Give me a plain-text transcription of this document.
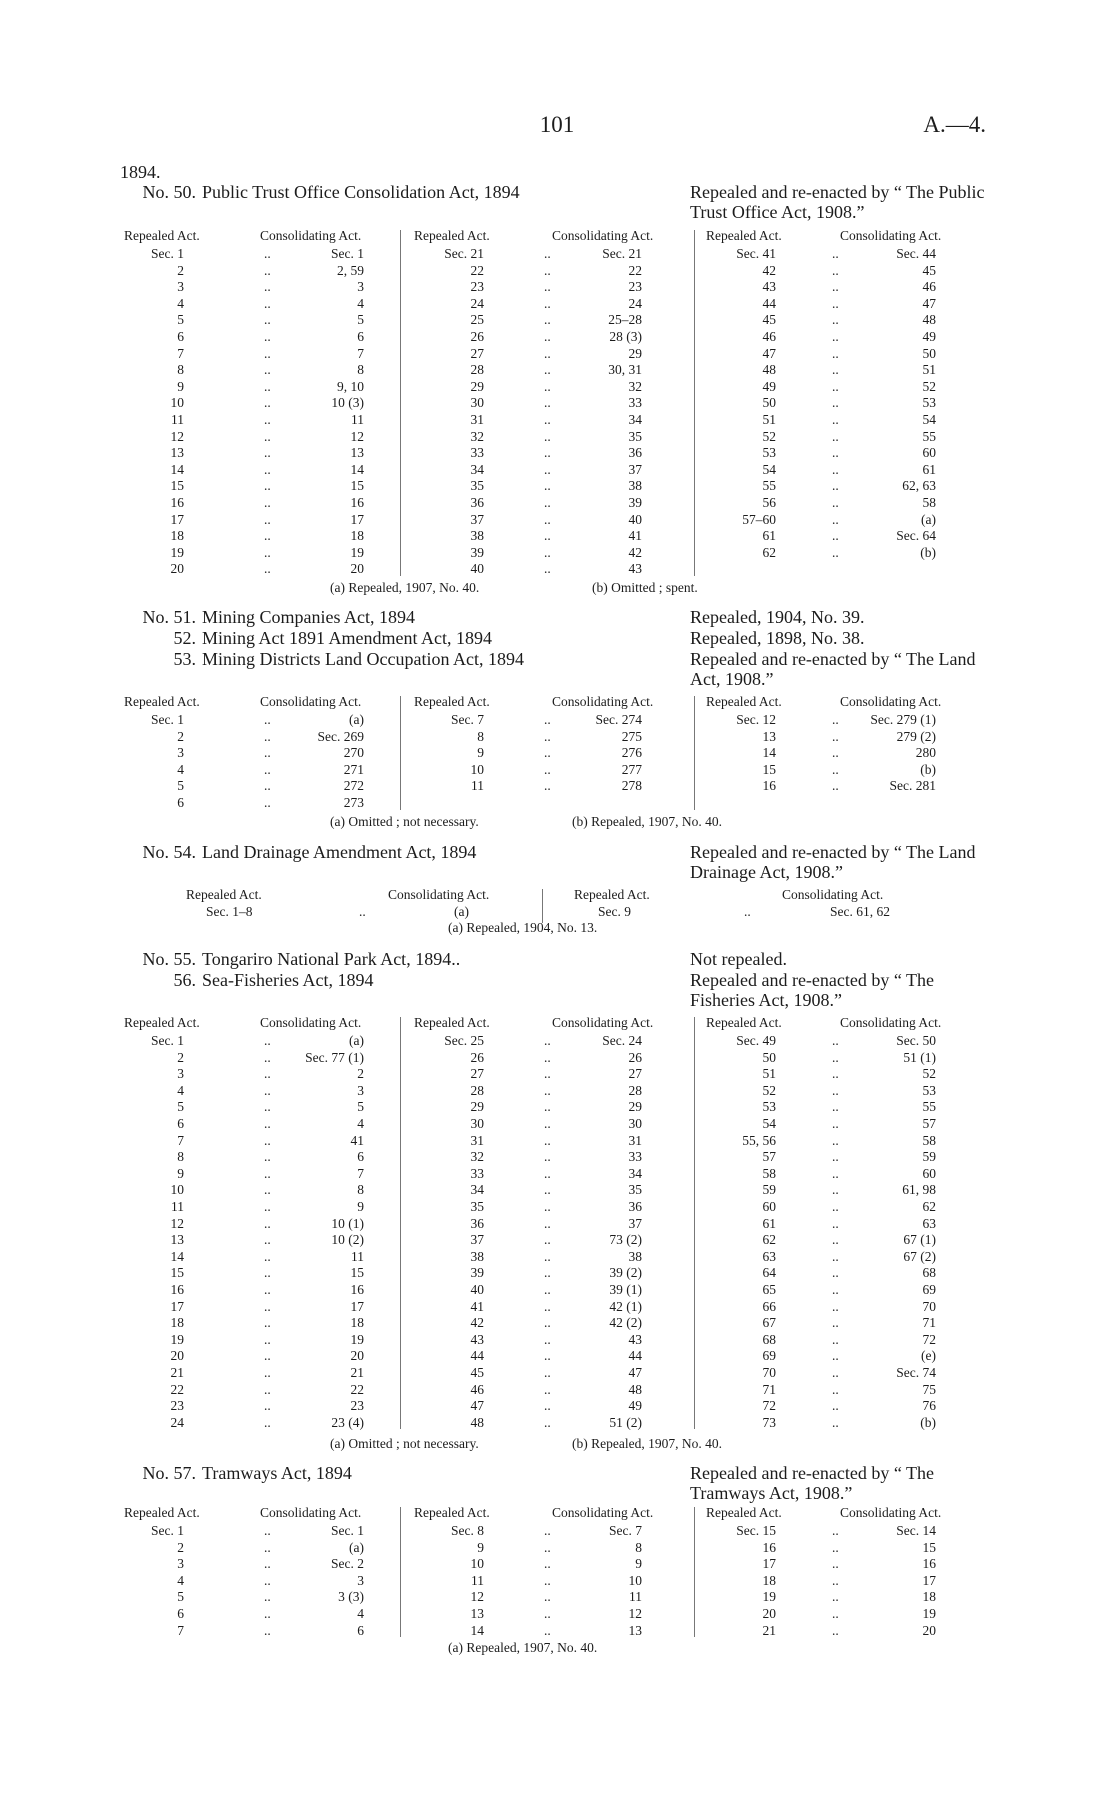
101	A.—4.
1894.
No. 50. Public Trust Office Consolidation Act, 1894	Repealed and re-enacted by “ The Public Trust Office Act, 1908.”
Repealed Act.	Consolidating Act.	Repealed Act.	Consolidating Act.	Repealed Act.	Consolidating Act.
Sec. 1	..	Sec. 1
2	..	2, 59
3	..	3
4	..	4
5	..	5
6	..	6
7	..	7
8	..	8
9	..	9, 10
10	..	10 (3)
11	..	11
12	..	12
13	..	13
14	..	14
15	..	15
16	..	16
17	..	17
18	..	18
19	..	19
20	..	20
Sec. 21	..	Sec. 21
22	..	22
23	..	23
24	..	24
25	..	25–28
26	..	28 (3)
27	..	29
28	..	30, 31
29	..	32
30	..	33
31	..	34
32	..	35
33	..	36
34	..	37
35	..	38
36	..	39
37	..	40
38	..	41
39	..	42
40	..	43
Sec. 41	..	Sec. 44
42	..	45
43	..	46
44	..	47
45	..	48
46	..	49
47	..	50
48	..	51
49	..	52
50	..	53
51	..	54
52	..	55
53	..	60
54	..	61
55	..	62, 63
56	..	58
57–60	..	(a)
61	..	Sec. 64
62	..	(b)
(a) Repealed, 1907, No. 40.	(b) Omitted ; spent.
No. 51. Mining Companies Act, 1894	Repealed, 1904, No. 39.
52. Mining Act 1891 Amendment Act, 1894	Repealed, 1898, No. 38.
53. Mining Districts Land Occupation Act, 1894	Repealed and re-enacted by “ The Land Act, 1908.”
Repealed Act.	Consolidating Act.	Repealed Act.	Consolidating Act.	Repealed Act.	Consolidating Act.
Sec. 1	..	(a)
2	..	Sec. 269
3	..	270
4	..	271
5	..	272
6	..	273
Sec. 7	..	Sec. 274
8	..	275
9	..	276
10	..	277
11	..	278
Sec. 12	.. Sec. 279 (1)
13	..	279 (2)
14	..	280
15	..	(b)
16	..	Sec. 281
(a) Omitted ; not necessary.	(b) Repealed, 1907, No. 40.
No. 54. Land Drainage Amendment Act, 1894	Repealed and re-enacted by “ The Land Drainage Act, 1908.”
Repealed Act.	Consolidating Act.	Repealed Act.	Consolidating Act.
Sec. 1–8	..	(a)	Sec. 9	..	Sec. 61, 62
(a) Repealed, 1904, No. 13.
No. 55. Tongariro National Park Act, 1894..	Not repealed.
56. Sea-Fisheries Act, 1894	Repealed and re-enacted by “ The Fisheries Act, 1908.”
Repealed Act.	Consolidating Act.	Repealed Act.	Consolidating Act.	Repealed Act.	Consolidating Act.
Sec. 1	..	(a)
2	..	Sec. 77 (1)
3	..	2
4	..	3
5	..	5
6	..	4
7	..	41
8	..	6
9	..	7
10	..	8
11	..	9
12	..	10 (1)
13	..	10 (2)
14	..	11
15	..	15
16	..	16
17	..	17
18	..	18
19	..	19
20	..	20
21	..	21
22	..	22
23	..	23
24	..	23 (4)
Sec. 25	..	Sec. 24
26	..	26
27	..	27
28	..	28
29	..	29
30	..	30
31	..	31
32	..	33
33	..	34
34	..	35
35	..	36
36	..	37
37	..	73 (2)
38	..	38
39	..	39 (2)
40	..	39 (1)
41	..	42 (1)
42	..	42 (2)
43	..	43
44	..	44
45	..	47
46	..	48
47	..	49
48	..	51 (2)
Sec. 49	..	Sec. 50
50	..	51 (1)
51	..	52
52	..	53
53	..	55
54	..	57
55, 56	..	58
57	..	59
58	..	60
59	..	61, 98
60	..	62
61	..	63
62	..	67 (1)
63	..	67 (2)
64	..	68
65	..	69
66	..	70
67	..	71
68	..	72
69	..	(e)
70	..	Sec. 74
71	..	75
72	..	76
73	..	(b)
(a) Omitted ; not necessary.	(b) Repealed, 1907, No. 40.
No. 57. Tramways Act, 1894	Repealed and re-enacted by “ The Tramways Act, 1908.”
Repealed Act.	Consolidating Act.	Repealed Act.	Consolidating Act.	Repealed Act.	Consolidating Act.
Sec. 1	..	Sec. 1
2	..	(a)
3	..	Sec. 2
4	..	3
5	..	3 (3)
6	..	4
7	..	6
Sec. 8	..	Sec. 7
9	..	8
10	..	9
11	..	10
12	..	11
13	..	12
14	..	13
Sec. 15	..	Sec. 14
16	..	15
17	..	16
18	..	17
19	..	18
20	..	19
21	..	20
(a) Repealed, 1907, No. 40.
